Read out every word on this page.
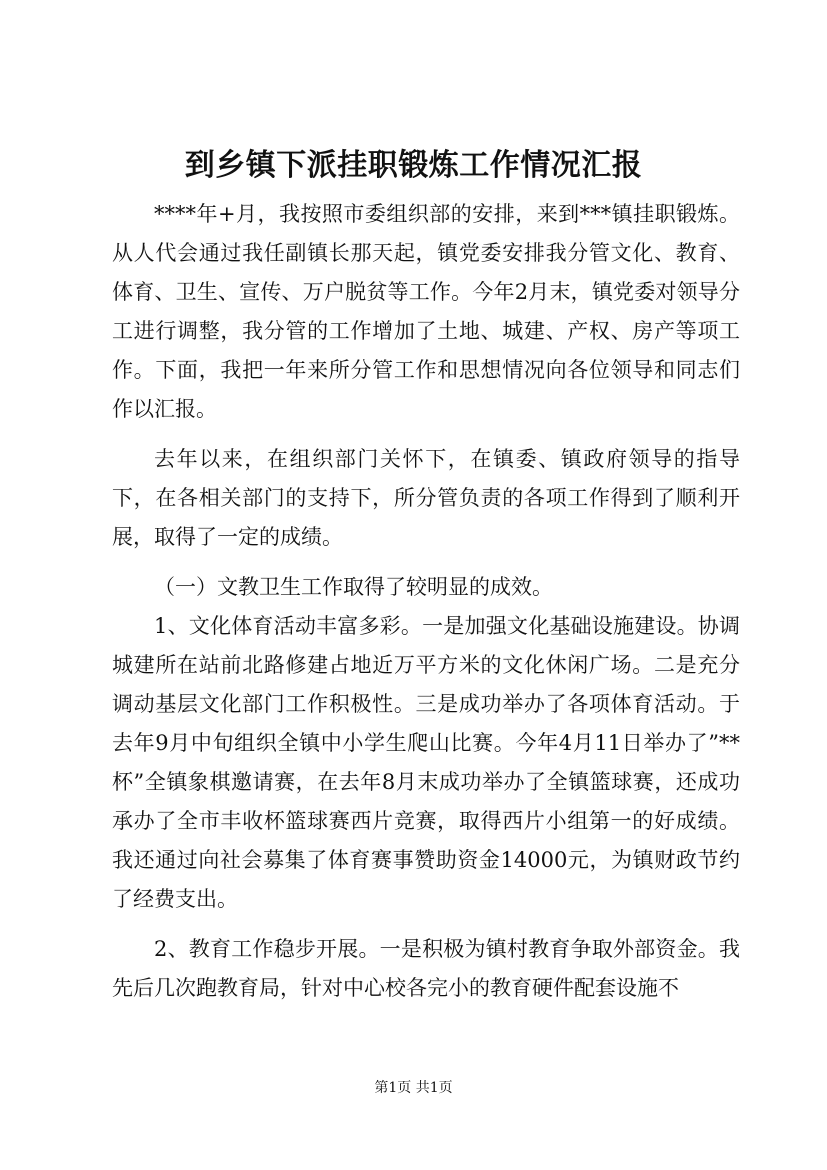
到乡镇下派挂职锻炼工作情况汇报

****年+月，我按照市委组织部的安排，来到***镇挂职锻炼。从人代会通过我任副镇长那天起，镇党委安排我分管文化、教育、体育、卫生、宣传、万户脱贫等工作。今年2月末，镇党委对领导分工进行调整，我分管的工作增加了土地、城建、产权、房产等项工作。下面，我把一年来所分管工作和思想情况向各位领导和同志们作以汇报。

去年以来，在组织部门关怀下，在镇委、镇政府领导的指导下，在各相关部门的支持下，所分管负责的各项工作得到了顺利开展，取得了一定的成绩。

（一）文教卫生工作取得了较明显的成效。

1、文化体育活动丰富多彩。一是加强文化基础设施建设。协调城建所在站前北路修建占地近万平方米的文化休闲广场。二是充分调动基层文化部门工作积极性。三是成功举办了各项体育活动。于去年9月中旬组织全镇中小学生爬山比赛。今年4月11日举办了”**杯”全镇象棋邀请赛，在去年8月末成功举办了全镇篮球赛，还成功承办了全市丰收杯篮球赛西片竞赛，取得西片小组第一的好成绩。我还通过向社会募集了体育赛事赞助资金14000元，为镇财政节约了经费支出。

2、教育工作稳步开展。一是积极为镇村教育争取外部资金。我先后几次跑教育局，针对中心校各完小的教育硬件配套设施不

第1页 共1页
